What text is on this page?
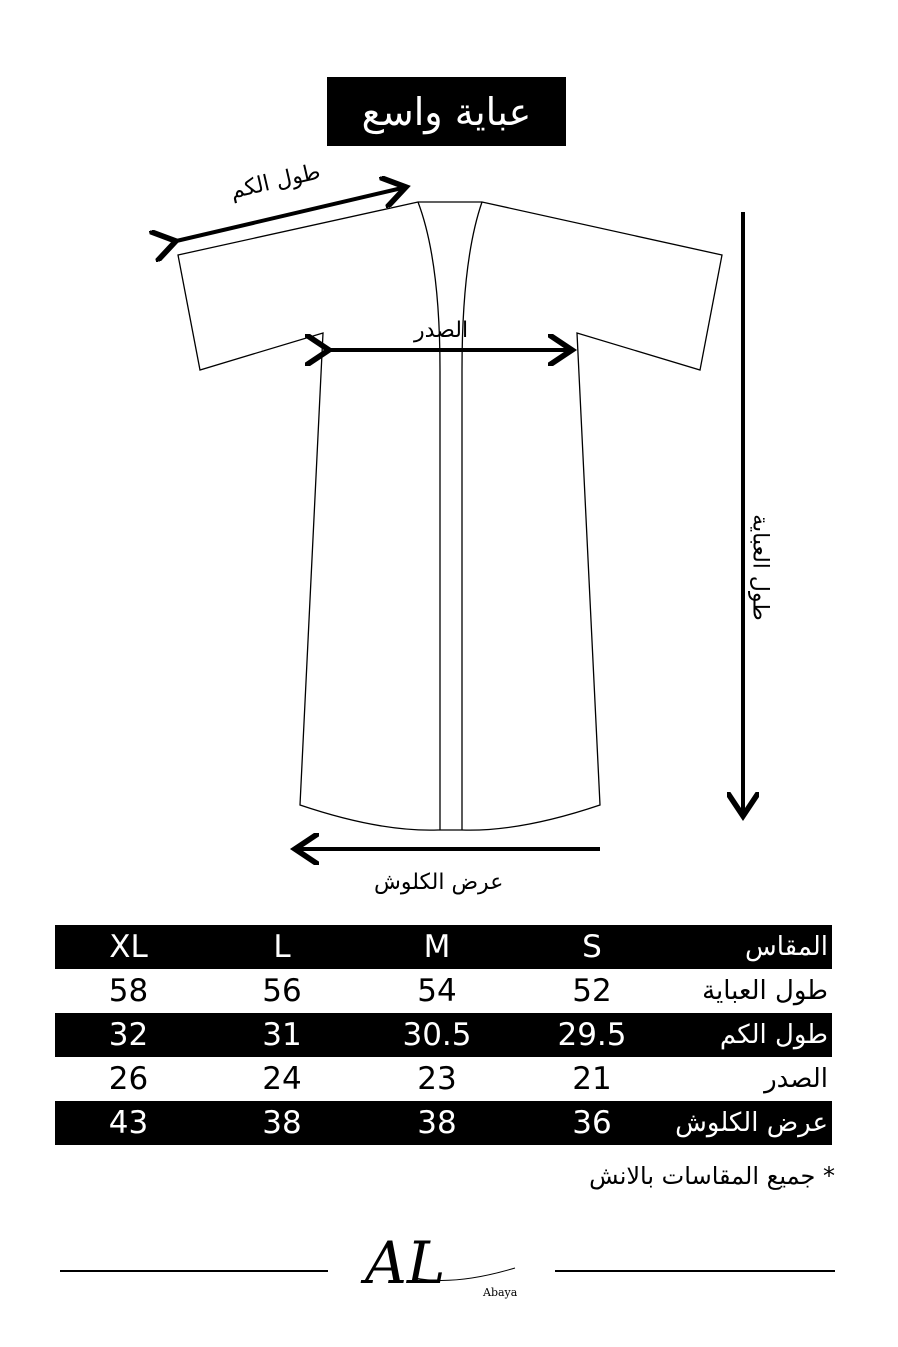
عباية واسع
طول الكم
الصدر
عرض الكلوش
طول العباية
XL	L	M	S	المقاس
58	56	54	52	طول العباية
32	31	30.5	29.5	طول الكم
26	24	23	21	الصدر
43	38	38	36	عرض الكلوش
* جميع المقاسات بالانش
AL	Abaya
